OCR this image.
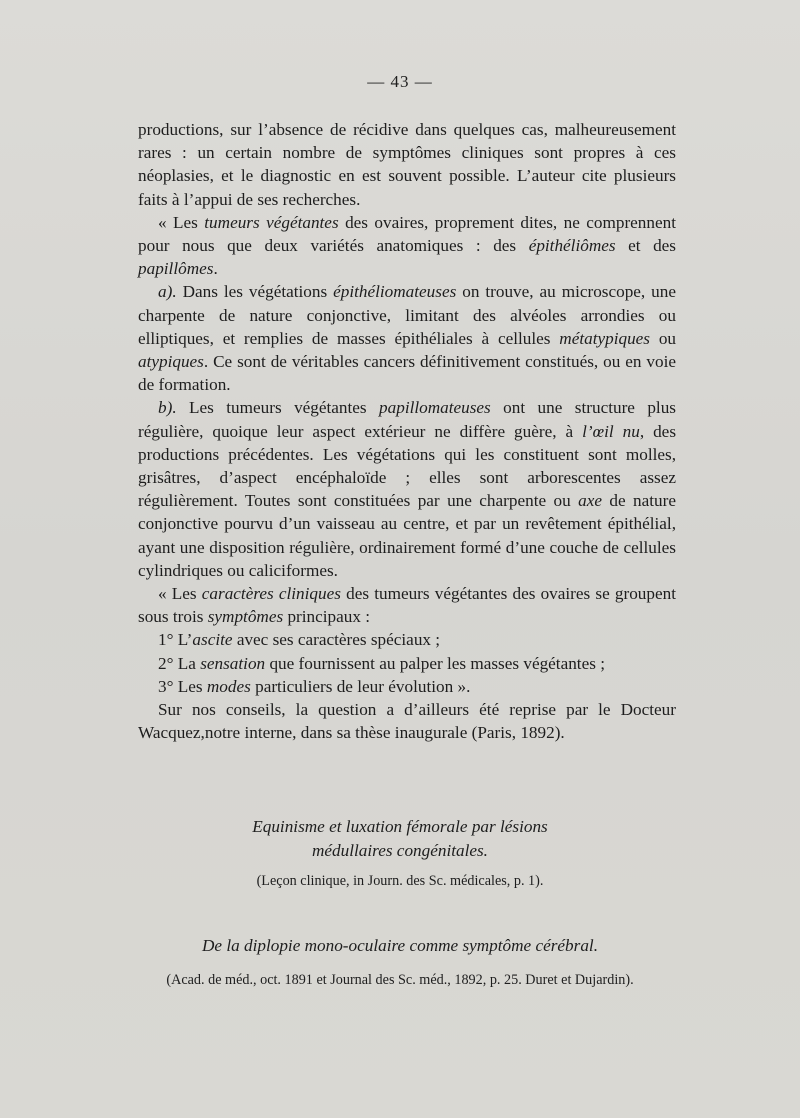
— 43 —

productions, sur l’absence de récidive dans quelques cas, malheureusement rares : un certain nombre de symptômes cliniques sont propres à ces néoplasies, et le diagnostic en est souvent possible. L’auteur cite plusieurs faits à l’appui de ses recherches.

« Les tumeurs végétantes des ovaires, proprement dites, ne comprennent pour nous que deux variétés anatomiques : des épithéliômes et des papillômes.

a). Dans les végétations épithéliomateuses on trouve, au microscope, une charpente de nature conjonctive, limitant des alvéoles arrondies ou elliptiques, et remplies de masses épithéliales à cellules métatypiques ou atypiques. Ce sont de véritables cancers définitivement constitués, ou en voie de formation.

b). Les tumeurs végétantes papillomateuses ont une structure plus régulière, quoique leur aspect extérieur ne diffère guère, à l’œil nu, des productions précédentes. Les végétations qui les constituent sont molles, grisâtres, d’aspect encéphaloïde ; elles sont arborescentes assez régulièrement. Toutes sont constituées par une charpente ou axe de nature conjonctive pourvu d’un vaisseau au centre, et par un revêtement épithélial, ayant une disposition régulière, ordinairement formé d’une couche de cellules cylindriques ou caliciformes.

« Les caractères cliniques des tumeurs végétantes des ovaires se groupent sous trois symptômes principaux :

1° L’ascite avec ses caractères spéciaux ;

2° La sensation que fournissent au palper les masses végétantes ;

3° Les modes particuliers de leur évolution ».

Sur nos conseils, la question a d’ailleurs été reprise par le Docteur Wacquez,notre interne, dans sa thèse inaugurale (Paris, 1892).

Equinisme et luxation fémorale par lésions
médullaires congénitales.
(Leçon clinique, in Journ. des Sc. médicales, p. 1).
De la diplopie mono-oculaire comme symptôme cérébral.
(Acad. de méd., oct. 1891 et Journal des Sc. méd., 1892, p. 25. Duret et Dujardin).
